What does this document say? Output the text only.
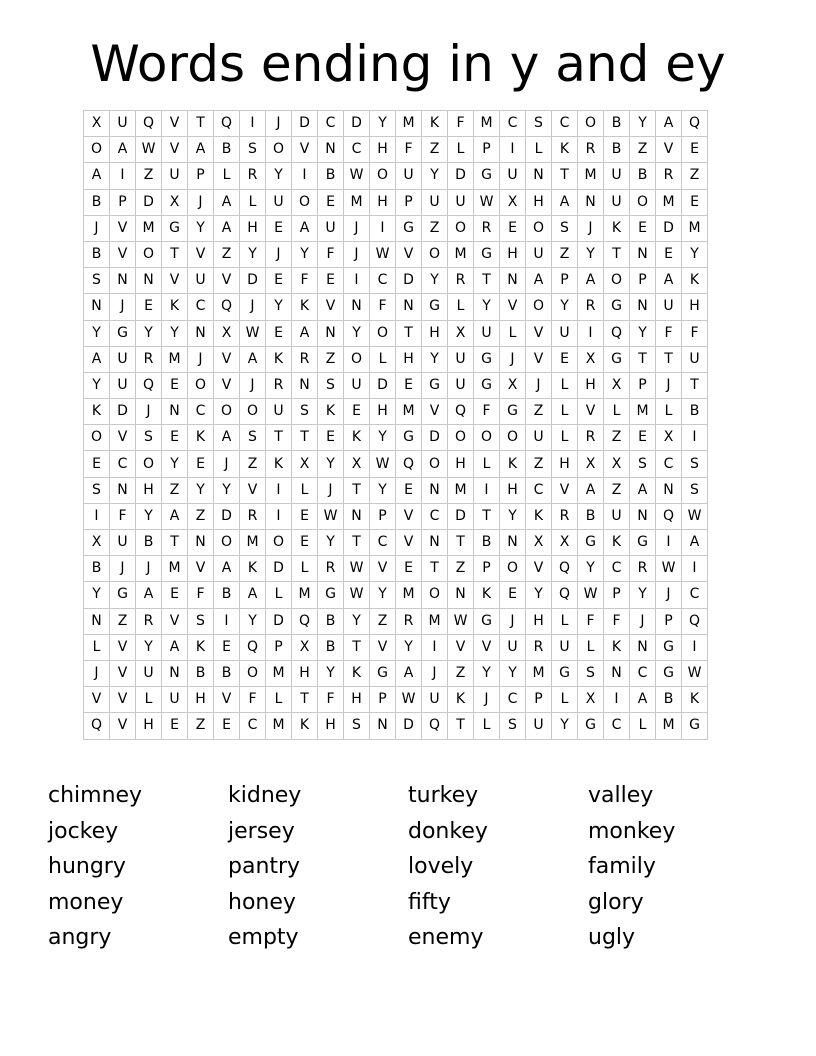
Words ending in y and ey
X	U	Q	V	T	Q	I	J	D	C	D	Y	M	K	F	M	C	S	C	O	B	Y	A	Q
O	A	W	V	A	B	S	O	V	N	C	H	F	Z	L	P	I	L	K	R	B	Z	V	E
A	I	Z	U	P	L	R	Y	I	B	W	O	U	Y	D	G	U	N	T	M	U	B	R	Z
B	P	D	X	J	A	L	U	O	E	M	H	P	U	U	W	X	H	A	N	U	O	M	E
J	V	M	G	Y	A	H	E	A	U	J	I	G	Z	O	R	E	O	S	J	K	E	D	M
B	V	O	T	V	Z	Y	J	Y	F	J	W	V	O	M	G	H	U	Z	Y	T	N	E	Y
S	N	N	V	U	V	D	E	F	E	I	C	D	Y	R	T	N	A	P	A	O	P	A	K
N	J	E	K	C	Q	J	Y	K	V	N	F	N	G	L	Y	V	O	Y	R	G	N	U	H
Y	G	Y	Y	N	X	W	E	A	N	Y	O	T	H	X	U	L	V	U	I	Q	Y	F	F
A	U	R	M	J	V	A	K	R	Z	O	L	H	Y	U	G	J	V	E	X	G	T	T	U
Y	U	Q	E	O	V	J	R	N	S	U	D	E	G	U	G	X	J	L	H	X	P	J	T
K	D	J	N	C	O	O	U	S	K	E	H	M	V	Q	F	G	Z	L	V	L	M	L	B
O	V	S	E	K	A	S	T	T	E	K	Y	G	D	O	O	O	U	L	R	Z	E	X	I
E	C	O	Y	E	J	Z	K	X	Y	X	W	Q	O	H	L	K	Z	H	X	X	S	C	S
S	N	H	Z	Y	Y	V	I	L	J	T	Y	E	N	M	I	H	C	V	A	Z	A	N	S
I	F	Y	A	Z	D	R	I	E	W	N	P	V	C	D	T	Y	K	R	B	U	N	Q	W
X	U	B	T	N	O	M	O	E	Y	T	C	V	N	T	B	N	X	X	G	K	G	I	A
B	J	J	M	V	A	K	D	L	R	W	V	E	T	Z	P	O	V	Q	Y	C	R	W	I
Y	G	A	E	F	B	A	L	M	G	W	Y	M	O	N	K	E	Y	Q	W	P	Y	J	C
N	Z	R	V	S	I	Y	D	Q	B	Y	Z	R	M	W	G	J	H	L	F	F	J	P	Q
L	V	Y	A	K	E	Q	P	X	B	T	V	Y	I	V	V	U	R	U	L	K	N	G	I
J	V	U	N	B	B	O	M	H	Y	K	G	A	J	Z	Y	Y	M	G	S	N	C	G	W
V	V	L	U	H	V	F	L	T	F	H	P	W	U	K	J	C	P	L	X	I	A	B	K
Q	V	H	E	Z	E	C	M	K	H	S	N	D	Q	T	L	S	U	Y	G	C	L	M	G
chimney	kidney	turkey	valley
jockey	jersey	donkey	monkey
hungry	pantry	lovely	family
money	honey	fifty	glory
angry	empty	enemy	ugly
